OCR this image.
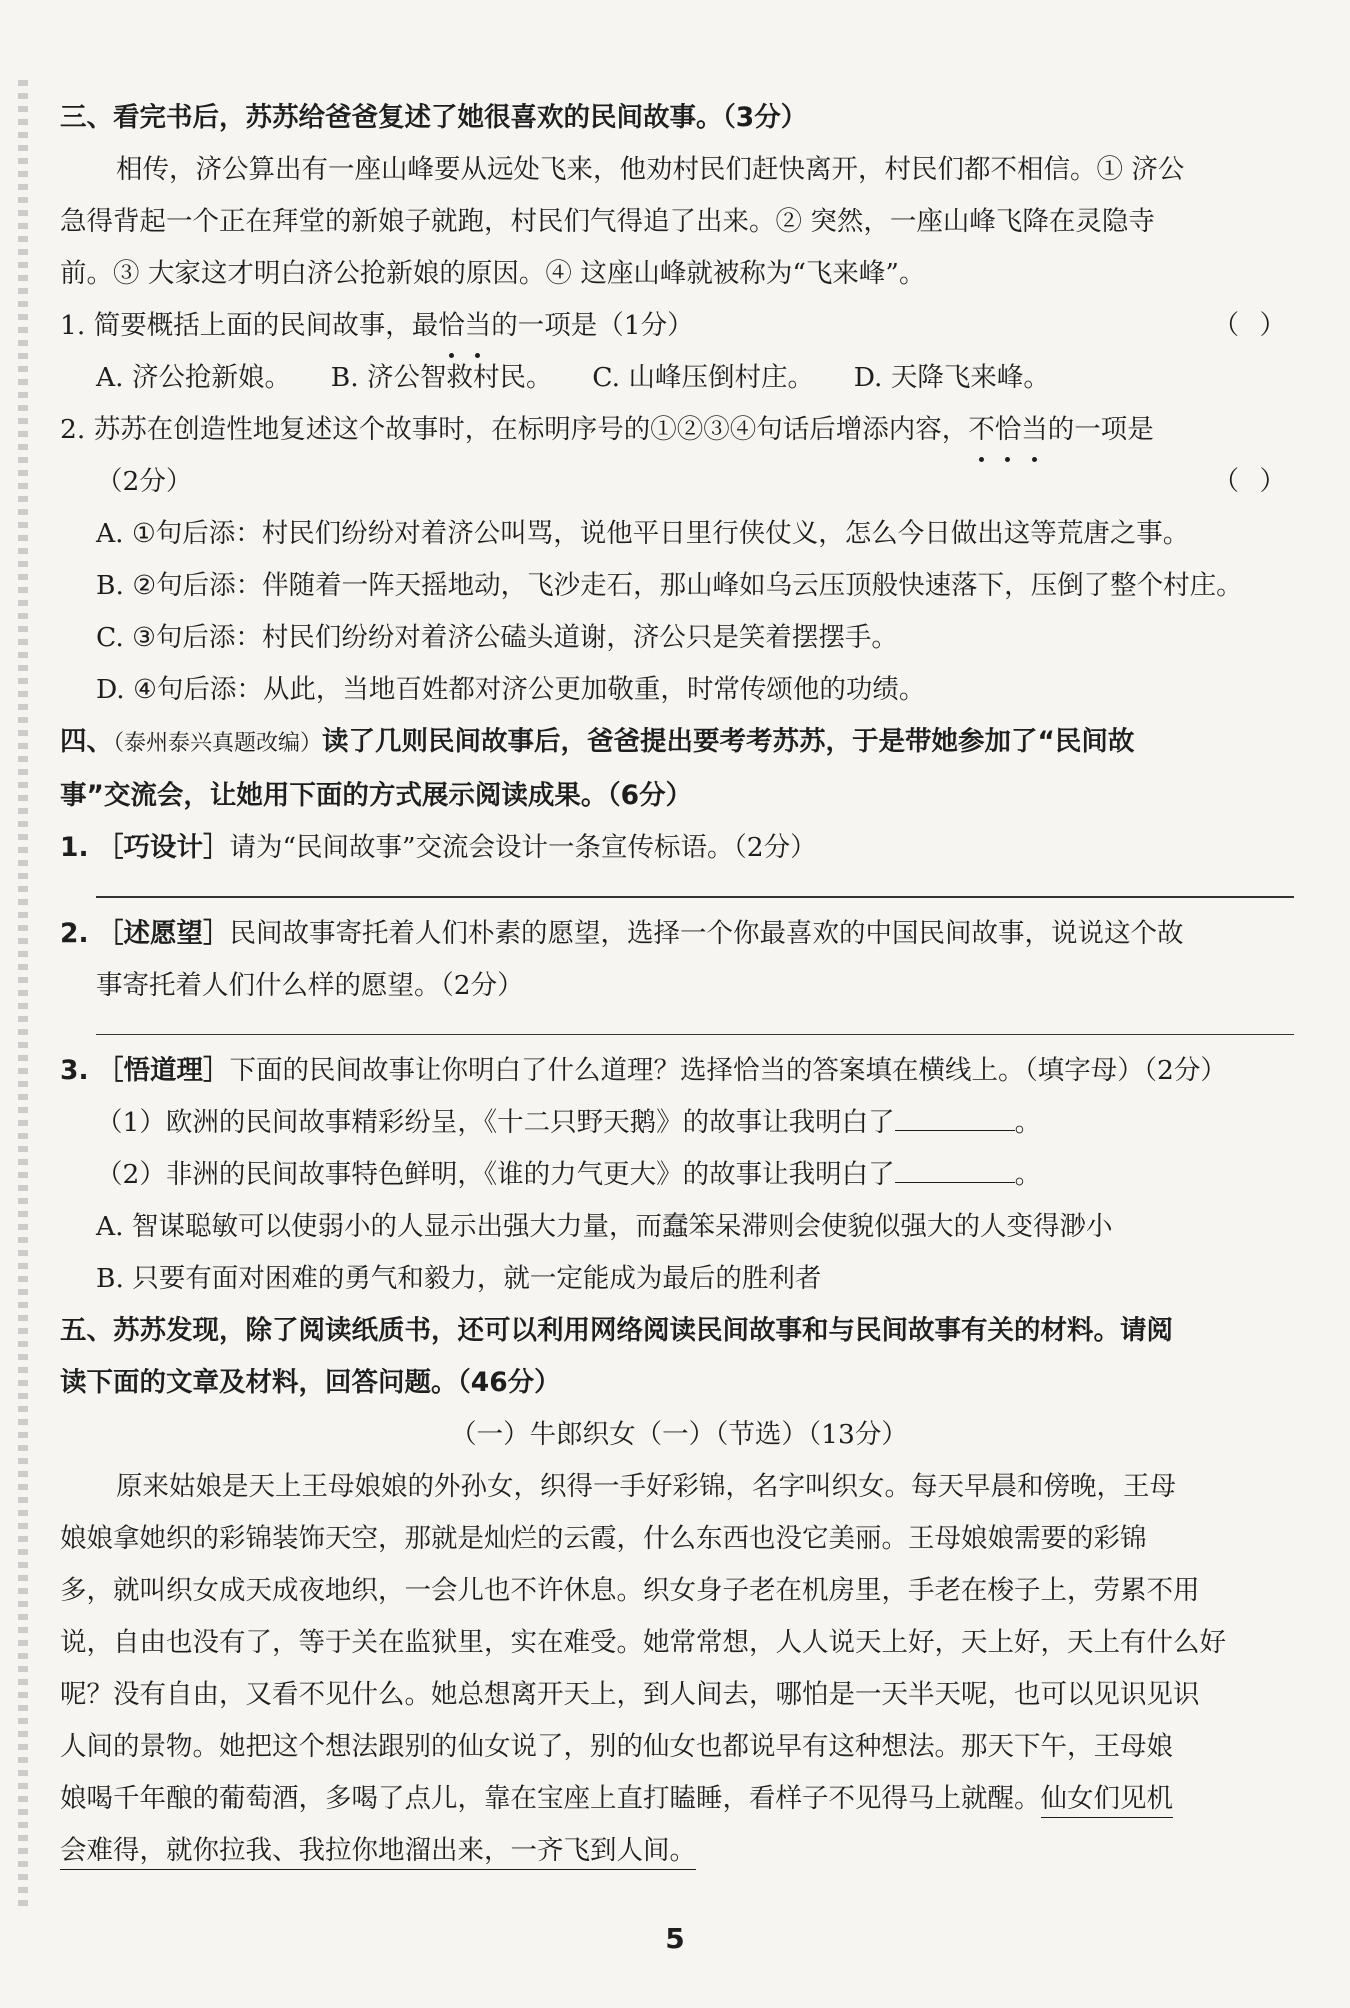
三、看完书后，苏苏给爸爸复述了她很喜欢的民间故事。（3分）
相传，济公算出有一座山峰要从远处飞来，他劝村民们赶快离开，村民们都不相信。① 济公
急得背起一个正在拜堂的新娘子就跑，村民们气得追了出来。② 突然，一座山峰飞降在灵隐寺
前。③ 大家这才明白济公抢新娘的原因。④ 这座山峰就被称为“飞来峰”。
1. 简要概括上面的民间故事，最恰当的一项是（1分）	（ ）
A. 济公抢新娘。　　B. 济公智救村民。　　C. 山峰压倒村庄。　　D. 天降飞来峰。
2. 苏苏在创造性地复述这个故事时，在标明序号的①②③④句话后增添内容，不恰当的一项是
（2分）	（ ）
A. ①句后添：村民们纷纷对着济公叫骂，说他平日里行侠仗义，怎么今日做出这等荒唐之事。
B. ②句后添：伴随着一阵天摇地动，飞沙走石，那山峰如乌云压顶般快速落下，压倒了整个村庄。
C. ③句后添：村民们纷纷对着济公磕头道谢，济公只是笑着摆摆手。
D. ④句后添：从此，当地百姓都对济公更加敬重，时常传颂他的功绩。
四、（泰州泰兴真题改编）读了几则民间故事后，爸爸提出要考考苏苏，于是带她参加了“民间故
事”交流会，让她用下面的方式展示阅读成果。（6分）
1. ［巧设计］请为“民间故事”交流会设计一条宣传标语。（2分）
2. ［述愿望］民间故事寄托着人们朴素的愿望，选择一个你最喜欢的中国民间故事，说说这个故
事寄托着人们什么样的愿望。（2分）
3. ［悟道理］下面的民间故事让你明白了什么道理？选择恰当的答案填在横线上。（填字母）（2分）
（1）欧洲的民间故事精彩纷呈，《十二只野天鹅》的故事让我明白了	。
（2）非洲的民间故事特色鲜明，《谁的力气更大》的故事让我明白了	。
A. 智谋聪敏可以使弱小的人显示出强大力量，而蠢笨呆滞则会使貌似强大的人变得渺小
B. 只要有面对困难的勇气和毅力，就一定能成为最后的胜利者
五、苏苏发现，除了阅读纸质书，还可以利用网络阅读民间故事和与民间故事有关的材料。请阅
读下面的文章及材料，回答问题。（46分）
（一）牛郎织女（一）（节选）（13分）
原来姑娘是天上王母娘娘的外孙女，织得一手好彩锦，名字叫织女。每天早晨和傍晚，王母
娘娘拿她织的彩锦装饰天空，那就是灿烂的云霞，什么东西也没它美丽。王母娘娘需要的彩锦
多，就叫织女成天成夜地织，一会儿也不许休息。织女身子老在机房里，手老在梭子上，劳累不用
说，自由也没有了，等于关在监狱里，实在难受。她常常想，人人说天上好，天上好，天上有什么好
呢？没有自由，又看不见什么。她总想离开天上，到人间去，哪怕是一天半天呢，也可以见识见识
人间的景物。她把这个想法跟别的仙女说了，别的仙女也都说早有这种想法。那天下午，王母娘
娘喝千年酿的葡萄酒，多喝了点儿，靠在宝座上直打瞌睡，看样子不见得马上就醒。仙女们见机
会难得，就你拉我、我拉你地溜出来，一齐飞到人间。
5
